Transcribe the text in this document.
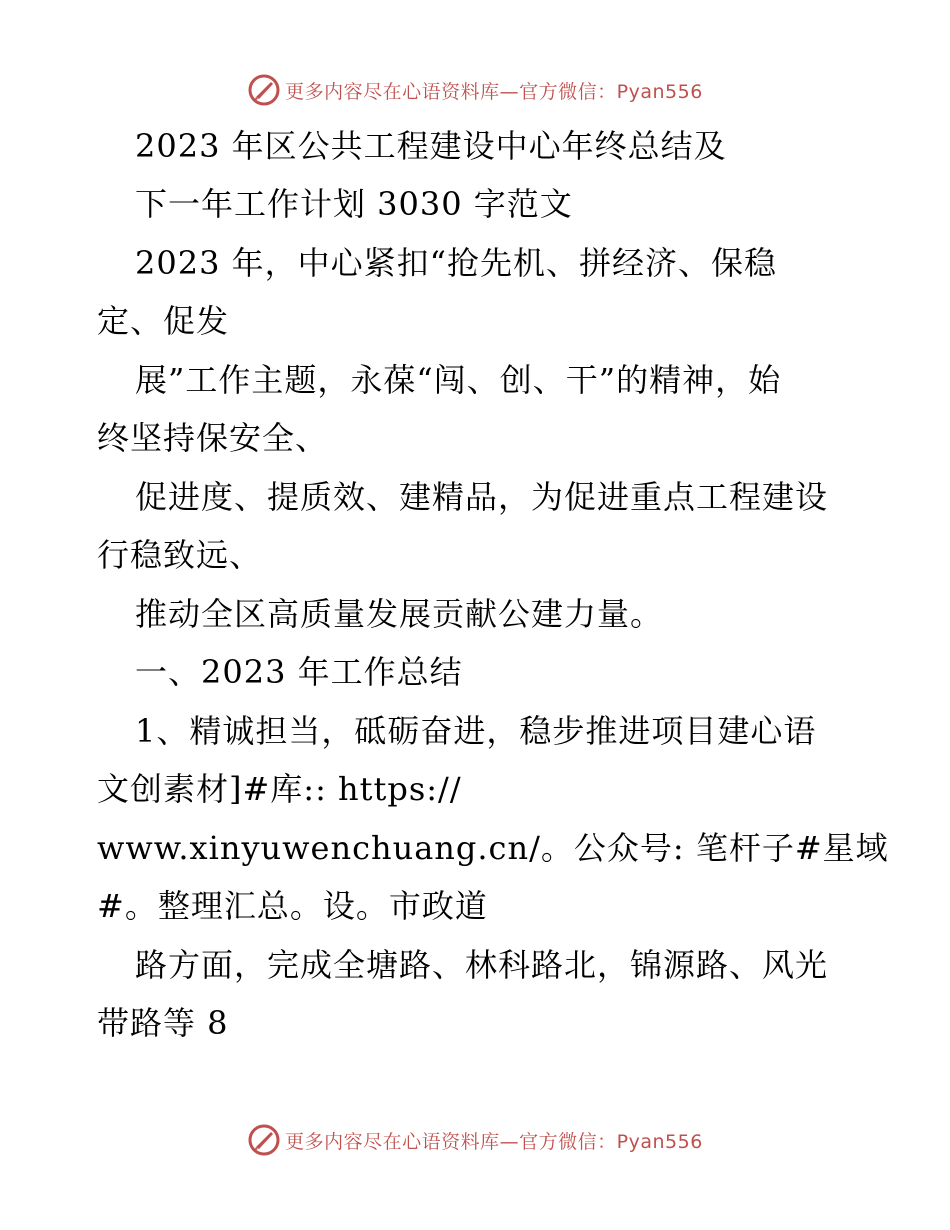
更多内容尽在心语资料库—官方微信：Pyan556
2023 年区公共工程建设中心年终总结及
下一年工作计划 3030 字范文
2023 年，中心紧扣“抢先机、拼经济、保稳
定、促发
展”工作主题，永葆“闯、创、干”的精神，始
终坚持保安全、
促进度、提质效、建精品，为促进重点工程建设
行稳致远、
推动全区高质量发展贡献公建力量。
一、2023 年工作总结
1、精诚担当，砥砺奋进，稳步推进项目建心语
文创素材]#库:: https://
www.xinyuwenchuang.cn/。公众号: 笔杆子#星域
#。整理汇总。设。市政道
路方面，完成全塘路、林科路北，锦源路、风光
带路等 8
更多内容尽在心语资料库—官方微信：Pyan556
